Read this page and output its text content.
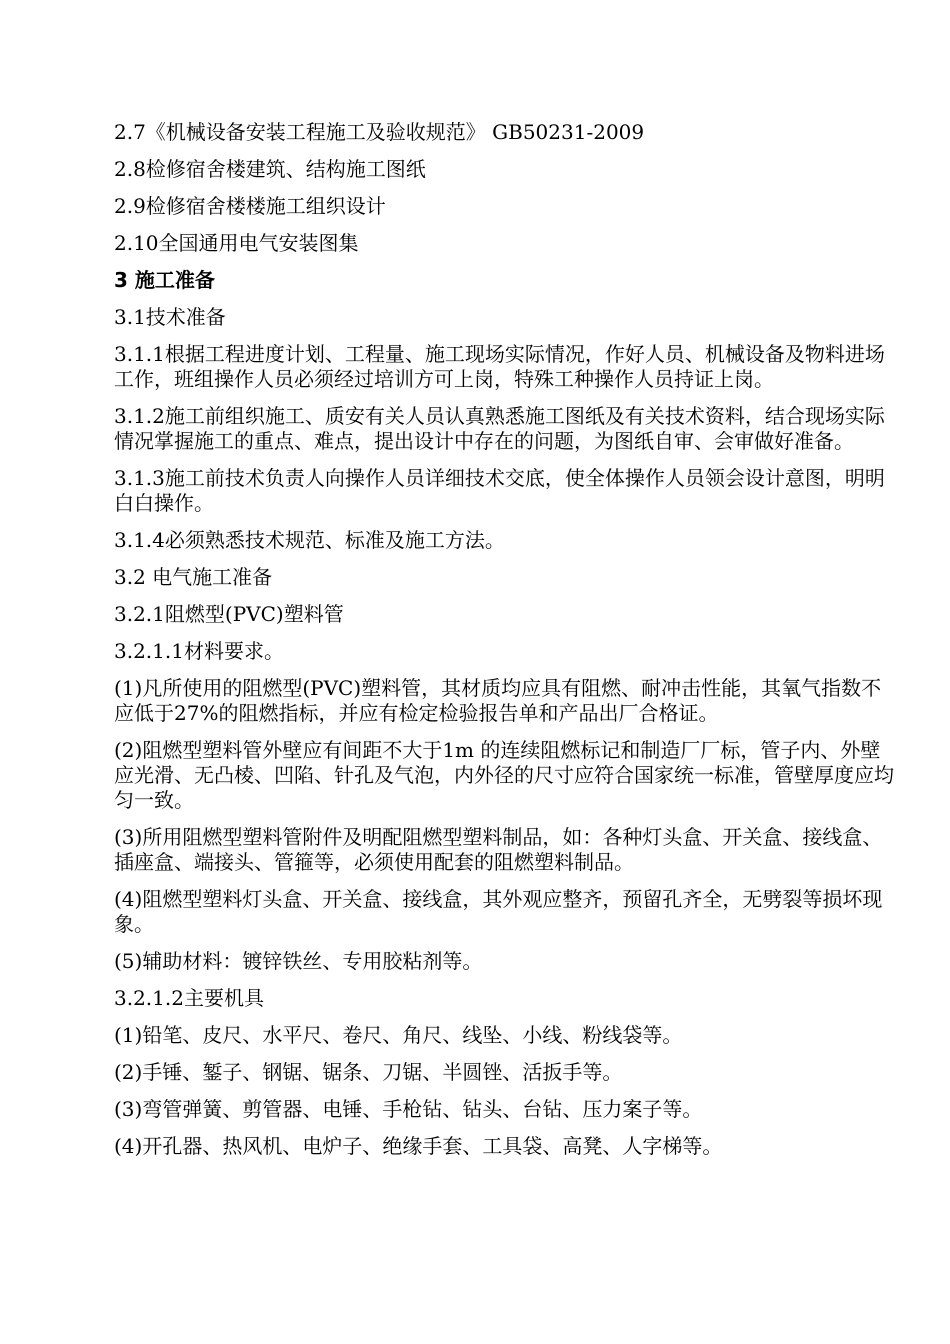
2.7《机械设备安装工程施工及验收规范》 GB50231-2009

2.8检修宿舍楼建筑、结构施工图纸

2.9检修宿舍楼楼施工组织设计

2.10全国通用电气安装图集

3 施工准备

3.1技术准备

3.1.1根据工程进度计划、工程量、施工现场实际情况，作好人员、机械设备及物料进场工作，班组操作人员必须经过培训方可上岗，特殊工种操作人员持证上岗。

3.1.2施工前组织施工、质安有关人员认真熟悉施工图纸及有关技术资料，结合现场实际情况掌握施工的重点、难点，提出设计中存在的问题，为图纸自审、会审做好准备。

3.1.3施工前技术负责人向操作人员详细技术交底，使全体操作人员领会设计意图，明明白白操作。

3.1.4必须熟悉技术规范、标准及施工方法。

3.2 电气施工准备

3.2.1阻燃型(PVC)塑料管

3.2.1.1材料要求。

(1)凡所使用的阻燃型(PVC)塑料管，其材质均应具有阻燃、耐冲击性能，其氧气指数不应低于27%的阻燃指标，并应有检定检验报告单和产品出厂合格证。

(2)阻燃型塑料管外壁应有间距不大于1m 的连续阻燃标记和制造厂厂标，管子内、外壁应光滑、无凸棱、凹陷、针孔及气泡，内外径的尺寸应符合国家统一标准，管壁厚度应均匀一致。

(3)所用阻燃型塑料管附件及明配阻燃型塑料制品，如：各种灯头盒、开关盒、接线盒、插座盒、端接头、管箍等，必须使用配套的阻燃塑料制品。

(4)阻燃型塑料灯头盒、开关盒、接线盒，其外观应整齐，预留孔齐全，无劈裂等损坏现象。

(5)辅助材料：镀锌铁丝、专用胶粘剂等。

3.2.1.2主要机具

(1)铅笔、皮尺、水平尺、卷尺、角尺、线坠、小线、粉线袋等。

(2)手锤、錾子、钢锯、锯条、刀锯、半圆锉、活扳手等。

(3)弯管弹簧、剪管器、电锤、手枪钻、钻头、台钻、压力案子等。

(4)开孔器、热风机、电炉子、绝缘手套、工具袋、高凳、人字梯等。
